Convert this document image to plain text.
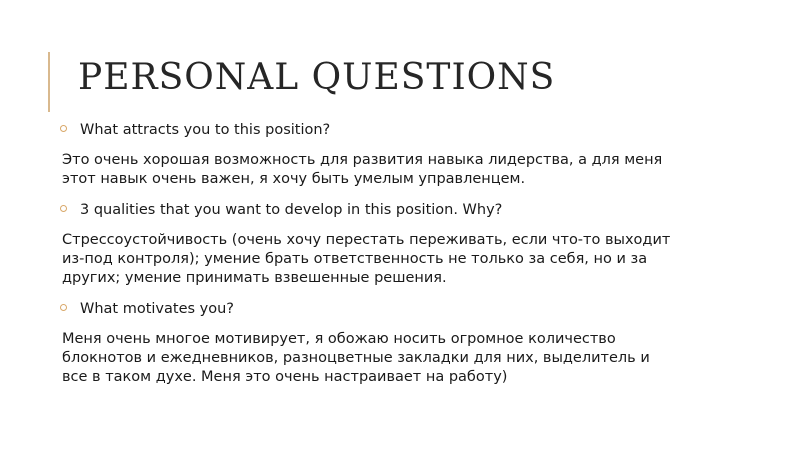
PERSONAL QUESTIONS
What attracts you to this position?
Это очень хорошая возможность для развития навыка лидерства, а для меня
этот навык очень важен, я хочу быть умелым управленцем.
3 qualities that you want to develop in this position. Why?
Стрессоустойчивость (очень хочу перестать переживать, если что-то выходит
из-под контроля); умение брать ответственность не только за себя, но и за
других; умение принимать взвешенные решения.
What motivates you?
Меня очень многое мотивирует, я обожаю носить огромное количество
блокнотов и ежедневников, разноцветные закладки для них, выделитель и
все в таком духе. Меня это очень настраивает на работу)
